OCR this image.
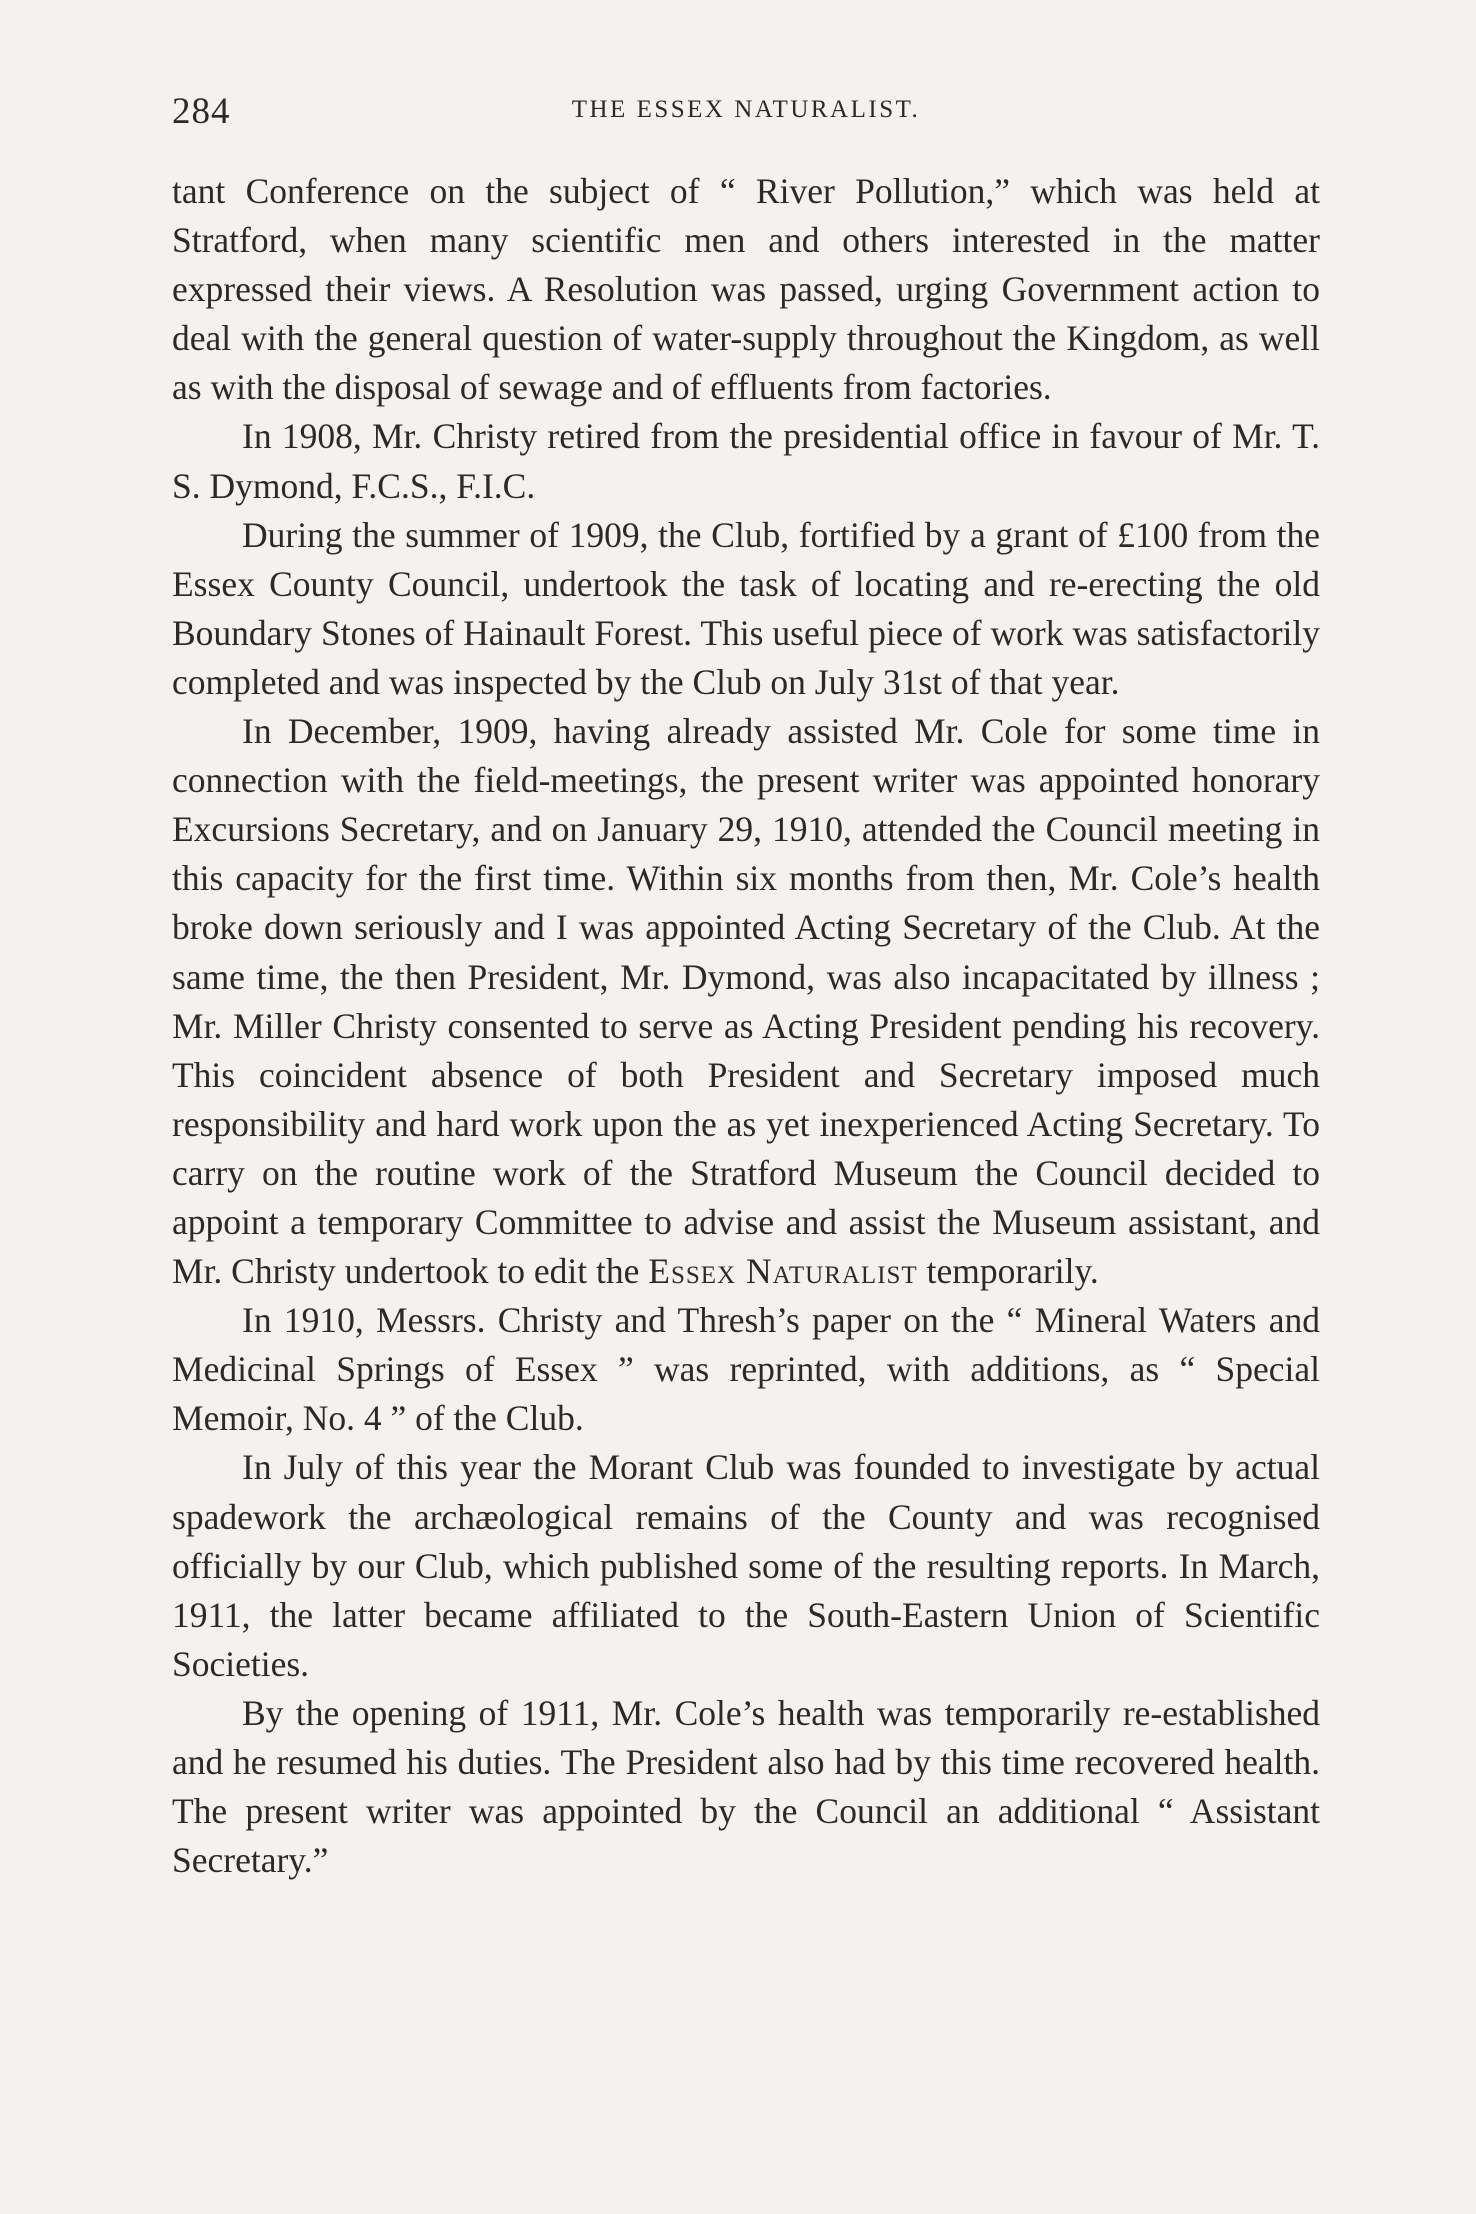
284	THE ESSEX NATURALIST.

tant Conference on the subject of “ River Pollution,” which was held at Stratford, when many scientific men and others interested in the matter expressed their views. A Resolution was passed, urging Government action to deal with the general question of water-supply throughout the Kingdom, as well as with the disposal of sewage and of effluents from factories.

In 1908, Mr. Christy retired from the presidential office in favour of Mr. T. S. Dymond, F.C.S., F.I.C.

During the summer of 1909, the Club, fortified by a grant of £100 from the Essex County Council, undertook the task of locating and re-erecting the old Boundary Stones of Hainault Forest. This useful piece of work was satisfactorily completed and was inspected by the Club on July 31st of that year.

In December, 1909, having already assisted Mr. Cole for some time in connection with the field-meetings, the present writer was appointed honorary Excursions Secretary, and on January 29, 1910, attended the Council meeting in this capacity for the first time. Within six months from then, Mr. Cole’s health broke down seriously and I was appointed Acting Secretary of the Club. At the same time, the then President, Mr. Dymond, was also incapacitated by illness ; Mr. Miller Christy consented to serve as Acting President pending his recovery. This coincident absence of both President and Secretary imposed much responsibility and hard work upon the as yet inexperienced Acting Secretary. To carry on the routine work of the Stratford Museum the Council decided to appoint a temporary Committee to advise and assist the Museum assistant, and Mr. Christy undertook to edit the Essex Naturalist temporarily.

In 1910, Messrs. Christy and Thresh’s paper on the “ Mineral Waters and Medicinal Springs of Essex ” was reprinted, with additions, as “ Special Memoir, No. 4 ” of the Club.

In July of this year the Morant Club was founded to investigate by actual spadework the archæological remains of the County and was recognised officially by our Club, which published some of the resulting reports. In March, 1911, the latter became affiliated to the South-Eastern Union of Scientific Societies.

By the opening of 1911, Mr. Cole’s health was temporarily re-established and he resumed his duties. The President also had by this time recovered health. The present writer was appointed by the Council an additional “ Assistant Secretary.”
